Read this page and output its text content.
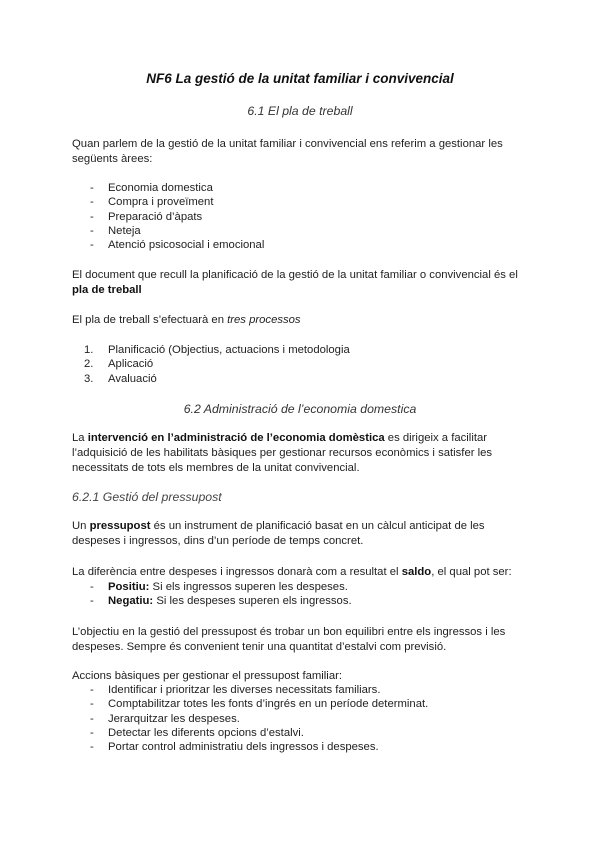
NF6 La gestió de la unitat familiar i convivencial
6.1 El pla de treball
Quan parlem de la gestió de la unitat familiar i convivencial ens referim a gestionar les següents àrees:
- Economia domestica
- Compra i proveïment
- Preparació d’àpats
- Neteja
- Atenció psicosocial i emocional
El document que recull la planificació de la gestió de la unitat familiar o convivencial és el
pla de treball
El pla de treball s’efectuarà en tres processos
1. Planificació (Objectius, actuacions i metodologia
2. Aplicació
3. Avaluació
6.2 Administració de l’economia domestica
La intervenció en l’administració de l’economia domèstica es dirigeix a facilitar l’adquisició de les habilitats bàsiques per gestionar recursos econòmics i satisfer les necessitats de tots els membres de la unitat convivencial.
6.2.1 Gestió del pressupost
Un pressupost és un instrument de planificació basat en un càlcul anticipat de les despeses i ingressos, dins d’un període de temps concret.
La diferència entre despeses i ingressos donarà com a resultat el saldo, el qual pot ser:
- Positiu: Si els ingressos superen les despeses.
- Negatiu: Si les despeses superen els ingressos.
L’objectiu en la gestió del pressupost és trobar un bon equilibri entre els ingressos i les despeses. Sempre és convenient tenir una quantitat d’estalvi com previsió.
Accions bàsiques per gestionar el pressupost familiar:
- Identificar i prioritzar les diverses necessitats familiars.
- Comptabilitzar totes les fonts d’ingrés en un període determinat.
- Jerarquitzar les despeses.
- Detectar les diferents opcions d’estalvi.
- Portar control administratiu dels ingressos i despeses.
